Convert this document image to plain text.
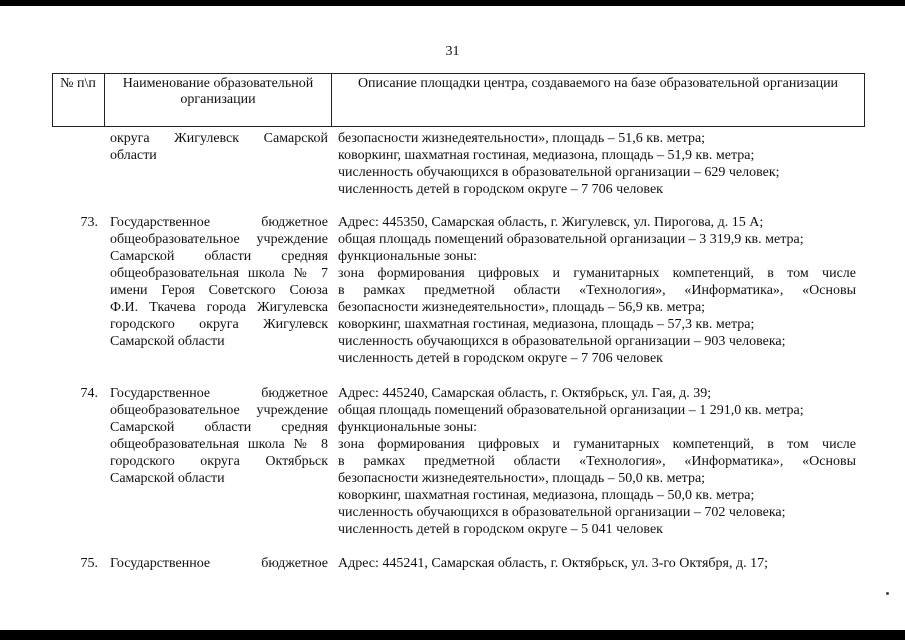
31
№ п\п	Наименование образовательной организации
Описание площадки центра, создаваемого на базе образовательной организации
округа Жигулевск Самарской
области
безопасности жизнедеятельности», площадь – 51,6 кв. метра;
коворкинг, шахматная гостиная, медиазона, площадь – 51,9 кв. метра;
численность обучающихся в образовательной организации – 629 человек;
численность детей в городском округе – 7 706 человек
73. Государственное бюджетное
общеобразовательное учреждение
Самарской области средняя
общеобразовательная школа № 7
имени Героя Советского Союза
Ф.И. Ткачева города Жигулевска
городского округа Жигулевск
Самарской области
Адрес: 445350, Самарская область, г. Жигулевск, ул. Пирогова, д. 15 А;
общая площадь помещений образовательной организации – 3 319,9 кв. метра;
функциональные зоны:
зона формирования цифровых и гуманитарных компетенций, в том числе
в рамках предметной области «Технология», «Информатика», «Основы
безопасности жизнедеятельности», площадь – 56,9 кв. метра;
коворкинг, шахматная гостиная, медиазона, площадь – 57,3 кв. метра;
численность обучающихся в образовательной организации – 903 человека;
численность детей в городском округе – 7 706 человек
74. Государственное бюджетное
общеобразовательное учреждение
Самарской области средняя
общеобразовательная школа № 8
городского округа Октябрьск
Самарской области
Адрес: 445240, Самарская область, г. Октябрьск, ул. Гая, д. 39;
общая площадь помещений образовательной организации – 1 291,0 кв. метра;
функциональные зоны:
зона формирования цифровых и гуманитарных компетенций, в том числе
в рамках предметной области «Технология», «Информатика», «Основы
безопасности жизнедеятельности», площадь – 50,0 кв. метра;
коворкинг, шахматная гостиная, медиазона, площадь – 50,0 кв. метра;
численность обучающихся в образовательной организации – 702 человека;
численность детей в городском округе – 5 041 человек
75. Государственное бюджетное Адрес: 445241, Самарская область, г. Октябрьск, ул. 3-го Октября, д. 17;
